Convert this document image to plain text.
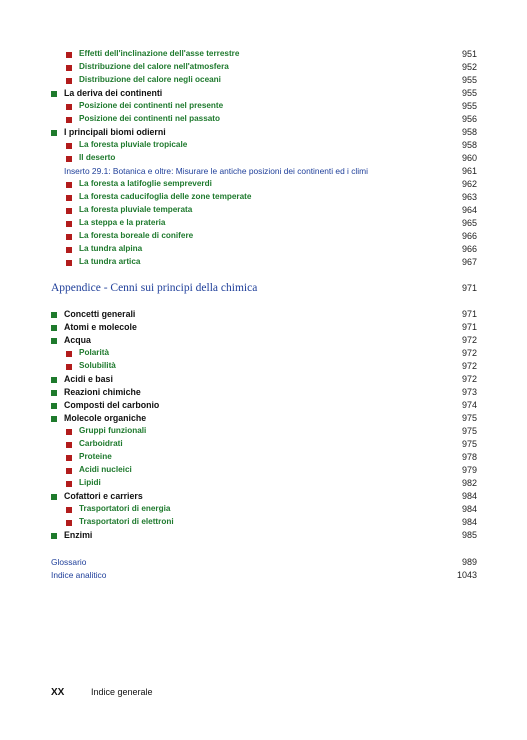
Effetti dell'inclinazione dell'asse terrestre	951
Distribuzione del calore nell'atmosfera	952
Distribuzione del calore negli oceani	955
La deriva dei continenti	955
Posizione dei continenti nel presente	955
Posizione dei continenti nel passato	956
I principali biomi odierni	958
La foresta pluviale tropicale	958
Il deserto	960
Inserto 29.1: Botanica e oltre: Misurare le antiche posizioni dei continenti ed i climi	961
La foresta a latifoglie sempreverdi	962
La foresta caducifoglia delle zone temperate	963
La foresta pluviale temperata	964
La steppa e la prateria	965
La foresta boreale di conifere	966
La tundra alpina	966
La tundra artica	967
Appendice - Cenni sui principi della chimica	971
Concetti generali	971
Atomi e molecole	971
Acqua	972
Polarità	972
Solubilità	972
Acidi e basi	972
Reazioni chimiche	973
Composti del carbonio	974
Molecole organiche	975
Gruppi funzionali	975
Carboidrati	975
Proteine	978
Acidi nucleici	979
Lipidi	982
Cofattori e carriers	984
Trasportatori di energia	984
Trasportatori di elettroni	984
Enzimi	985
Glossario	989
Indice analitico	1043
XX	Indice generale
